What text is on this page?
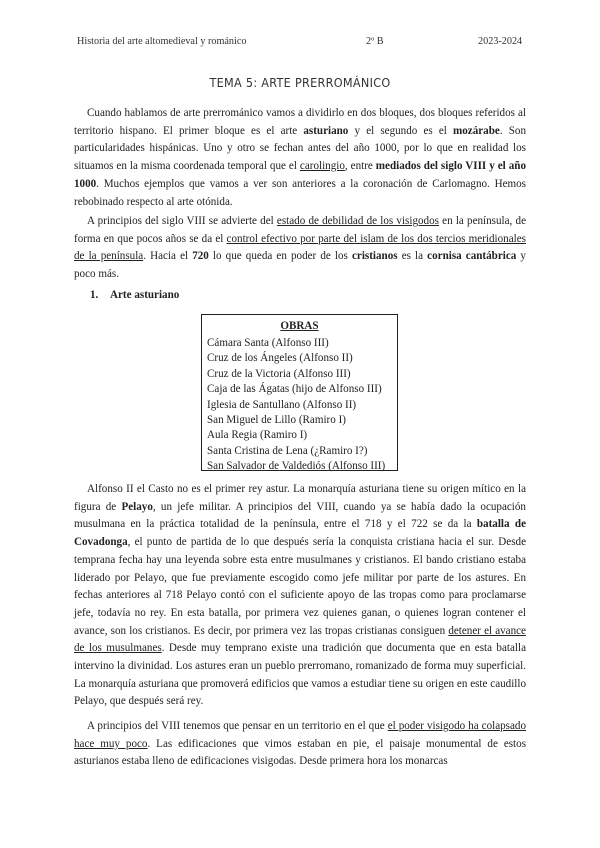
Historia del arte altomedieval y románico	2º B	2023-2024
TEMA 5: ARTE PRERROMÁNICO

Cuando hablamos de arte prerrománico vamos a dividirlo en dos bloques, dos bloques referidos al territorio hispano. El primer bloque es el arte asturiano y el segundo es el mozárabe. Son particularidades hispánicas. Uno y otro se fechan antes del año 1000, por lo que en realidad los situamos en la misma coordenada temporal que el carolingio, entre mediados del siglo VIII y el año 1000. Muchos ejemplos que vamos a ver son anteriores a la coronación de Carlomagno. Hemos rebobinado respecto al arte otónida.

A principios del siglo VIII se advierte del estado de debilidad de los visigodos en la península, de forma en que pocos años se da el control efectivo por parte del islam de los dos tercios meridionales de la península. Hacia el 720 lo que queda en poder de los cristianos es la cornisa cantábrica y poco más.

1. Arte asturiano
OBRAS
Cámara Santa (Alfonso III)
Cruz de los Ángeles (Alfonso II)
Cruz de la Victoria (Alfonso III)
Caja de las Ágatas (hijo de Alfonso III)
Iglesia de Santullano (Alfonso II)
San Miguel de Lillo (Ramiro I)
Aula Regia (Ramiro I)
Santa Cristina de Lena (¿Ramiro I?)
San Salvador de Valdediós (Alfonso III)

Alfonso II el Casto no es el primer rey astur. La monarquía asturiana tiene su origen mítico en la figura de Pelayo, un jefe militar. A principios del VIII, cuando ya se había dado la ocupación musulmana en la práctica totalidad de la península, entre el 718 y el 722 se da la batalla de Covadonga, el punto de partida de lo que después sería la conquista cristiana hacia el sur. Desde temprana fecha hay una leyenda sobre esta entre musulmanes y cristianos. El bando cristiano estaba liderado por Pelayo, que fue previamente escogido como jefe militar por parte de los astures. En fechas anteriores al 718 Pelayo contó con el suficiente apoyo de las tropas como para proclamarse jefe, todavía no rey. En esta batalla, por primera vez quienes ganan, o quienes logran contener el avance, son los cristianos. Es decir, por primera vez las tropas cristianas consiguen detener el avance de los musulmanes. Desde muy temprano existe una tradición que documenta que en esta batalla intervino la divinidad. Los astures eran un pueblo prerromano, romanizado de forma muy superficial. La monarquía asturiana que promoverá edificios que vamos a estudiar tiene su origen en este caudillo Pelayo, que después será rey.

A principios del VIII tenemos que pensar en un territorio en el que el poder visigodo ha colapsado hace muy poco. Las edificaciones que vimos estaban en pie, el paisaje monumental de estos asturianos estaba lleno de edificaciones visigodas. Desde primera hora los monarcas
